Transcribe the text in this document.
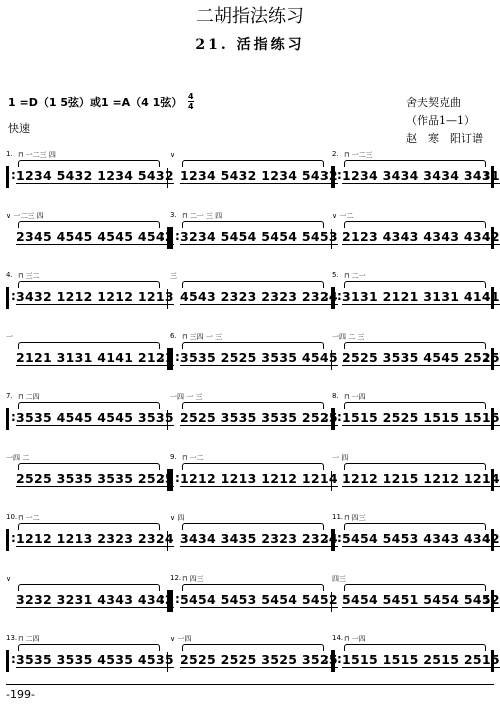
二胡指法练习
21. 活指练习
1 =D（1 5弦）或1 =A（4 1弦） $\frac{4}{4}$
快速
舍夫契克曲
（作品1—1）
赵　寒　阳订谱
⊓ 一二三 四
1.
1234 5432 1234 5432
:
∨
1234 5432 1234 5432
:
⊓ 一二三
2.
1234 3434 3434 3431
:
:
∨ 一二三 四
2345 4545 4545 4542
:
⊓ 二一 三 四
3.
3234 5454 5454 5453
:
∨ 一二
2123 4343 4343 4342
:
⊓ 三二
4.
3432 1212 1212 1213
:
三
4543 2323 2323 2324
:
⊓ 二一
5.
3131 2121 3131 4141
:
:
一
2121 3131 4141 2121
:
⊓ 三四 一 三
6.
3535 2525 3535 4545
:
一四 二 三
2525 3535 4545 2525
:
⊓ 二四
7.
3535 4545 4545 3535
:
一四 一 三
2525 3535 3535 2525
:
⊓ 一四
8.
1515 2525 1515 1515
:
:
一四 二
2525 3535 3535 2525
:
⊓ 一二
9.
1212 1213 1212 1214
:
一 四
1212 1215 1212 1214
:
⊓ 一二
10.
1212 1213 2323 2324
:
∨ 四
3434 3435 2323 2324
:
⊓ 四三
11.
5454 5453 4343 4342
:
:
∨
3232 3231 4343 4342
:
⊓ 四三
12.
5454 5453 5454 5452
:
四三
5454 5451 5454 5452
:
⊓ 二四
13.
3535 3535 4535 4535
:
∨ 一四
2525 2525 3525 3525
:
⊓ 一四
14.
1515 1515 2515 2515
:
:
-199-
